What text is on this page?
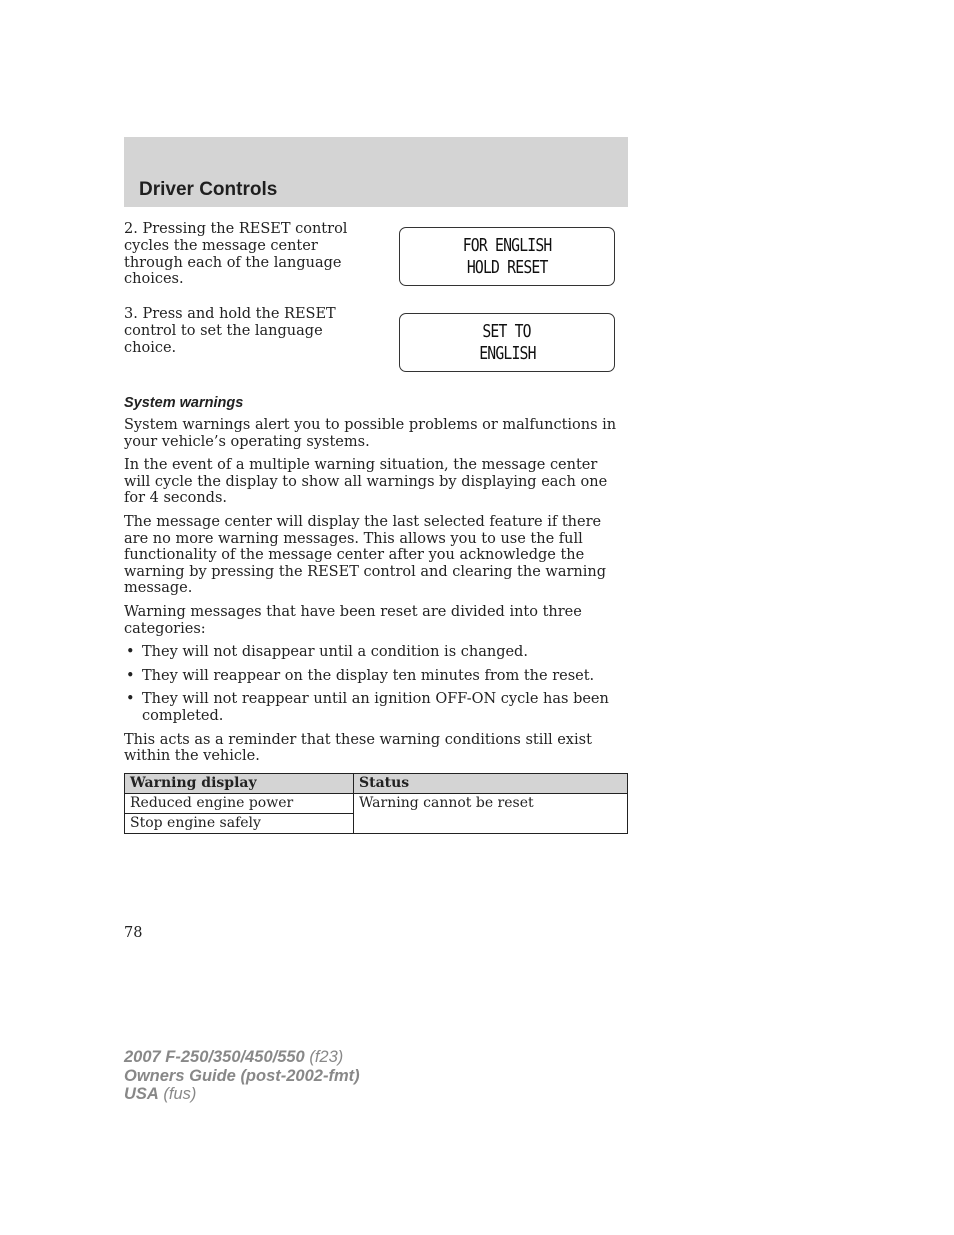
Driver Controls

2. Pressing the RESET control cycles the message center through each of the language choices.

FOR ENGLISH
HOLD RESET

3. Press and hold the RESET control to set the language choice.

SET TO
ENGLISH
System warnings

System warnings alert you to possible problems or malfunctions in your vehicle’s operating systems.

In the event of a multiple warning situation, the message center will cycle the display to show all warnings by displaying each one for 4 seconds.

The message center will display the last selected feature if there are no more warning messages. This allows you to use the full functionality of the message center after you acknowledge the warning by pressing the RESET control and clearing the warning message.

Warning messages that have been reset are divided into three categories:

• They will not disappear until a condition is changed.
• They will reappear on the display ten minutes from the reset.
• They will not reappear until an ignition OFF-ON cycle has been completed.

This acts as a reminder that these warning conditions still exist within the vehicle.

Warning display	Status
Reduced engine power	Warning cannot be reset
Stop engine safely	

78

2007 F-250/350/450/550 (f23)
Owners Guide (post-2002-fmt)
USA (fus)
